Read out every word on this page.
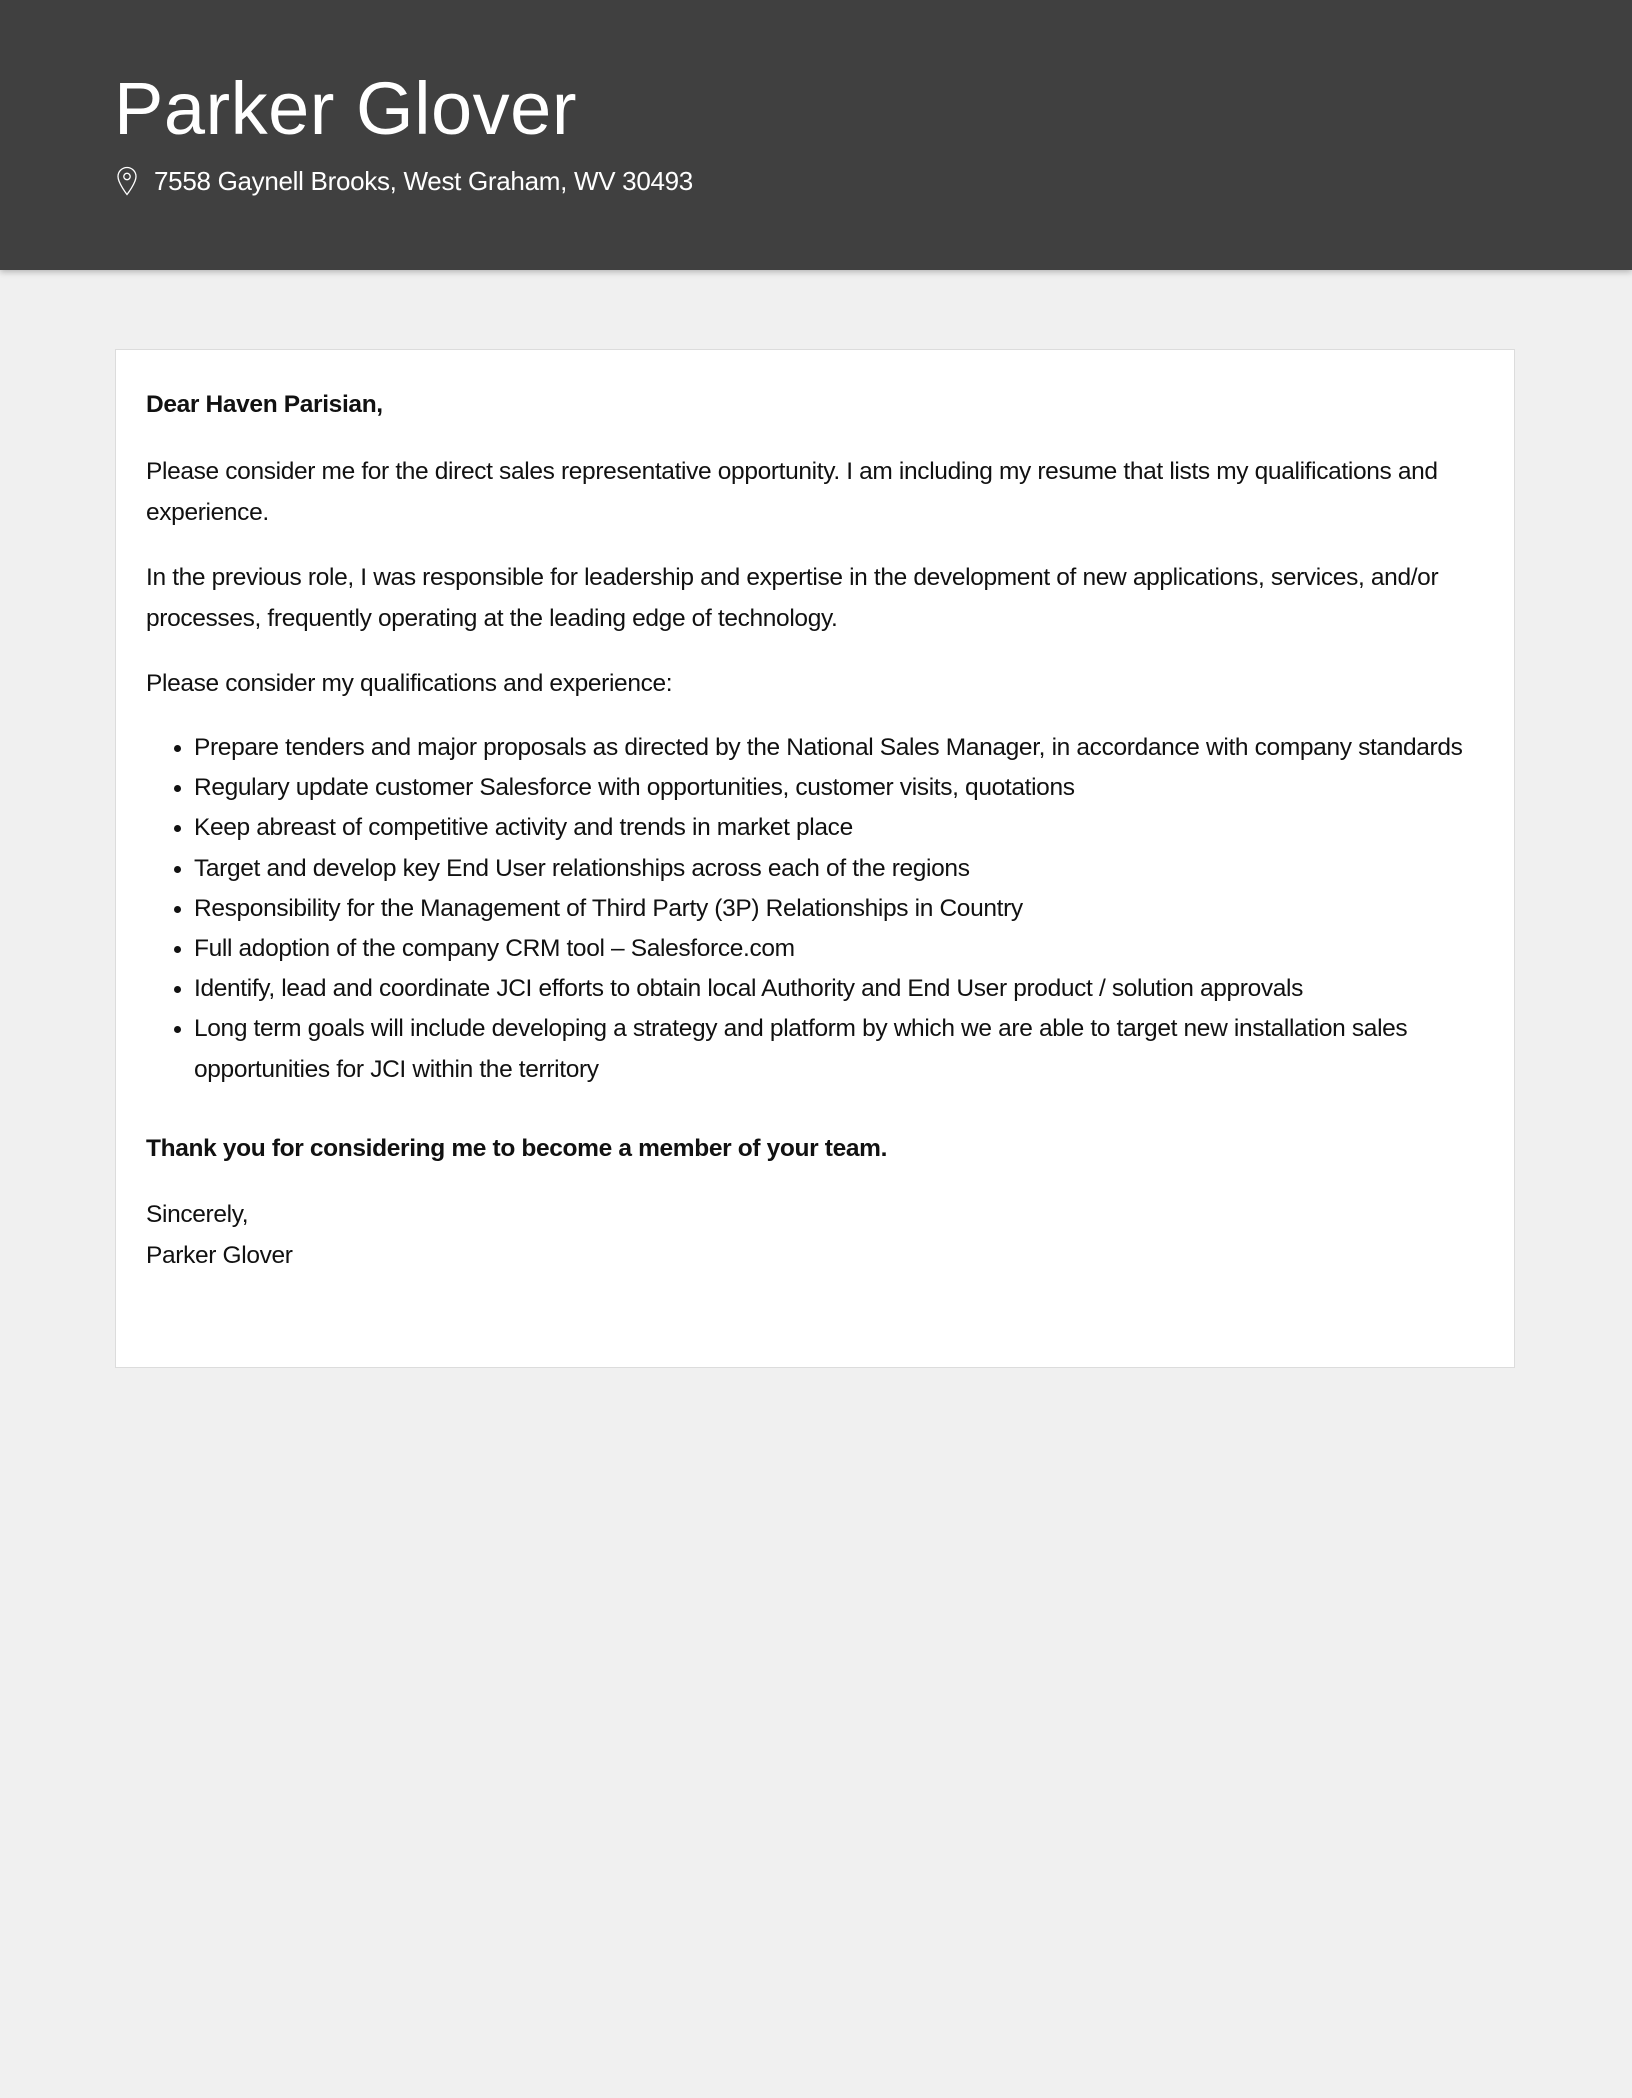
Parker Glover
7558 Gaynell Brooks, West Graham, WV 30493

Dear Haven Parisian,

Please consider me for the direct sales representative opportunity. I am including my resume that lists my qualifications and experience.

In the previous role, I was responsible for leadership and expertise in the development of new applications, services, and/or processes, frequently operating at the leading edge of technology.

Please consider my qualifications and experience:

• Prepare tenders and major proposals as directed by the National Sales Manager, in accordance with company standards
• Regulary update customer Salesforce with opportunities, customer visits, quotations
• Keep abreast of competitive activity and trends in market place
• Target and develop key End User relationships across each of the regions
• Responsibility for the Management of Third Party (3P) Relationships in Country
• Full adoption of the company CRM tool – Salesforce.com
• Identify, lead and coordinate JCI efforts to obtain local Authority and End User product / solution approvals
• Long term goals will include developing a strategy and platform by which we are able to target new installation sales opportunities for JCI within the territory

Thank you for considering me to become a member of your team.

Sincerely,

Parker Glover
